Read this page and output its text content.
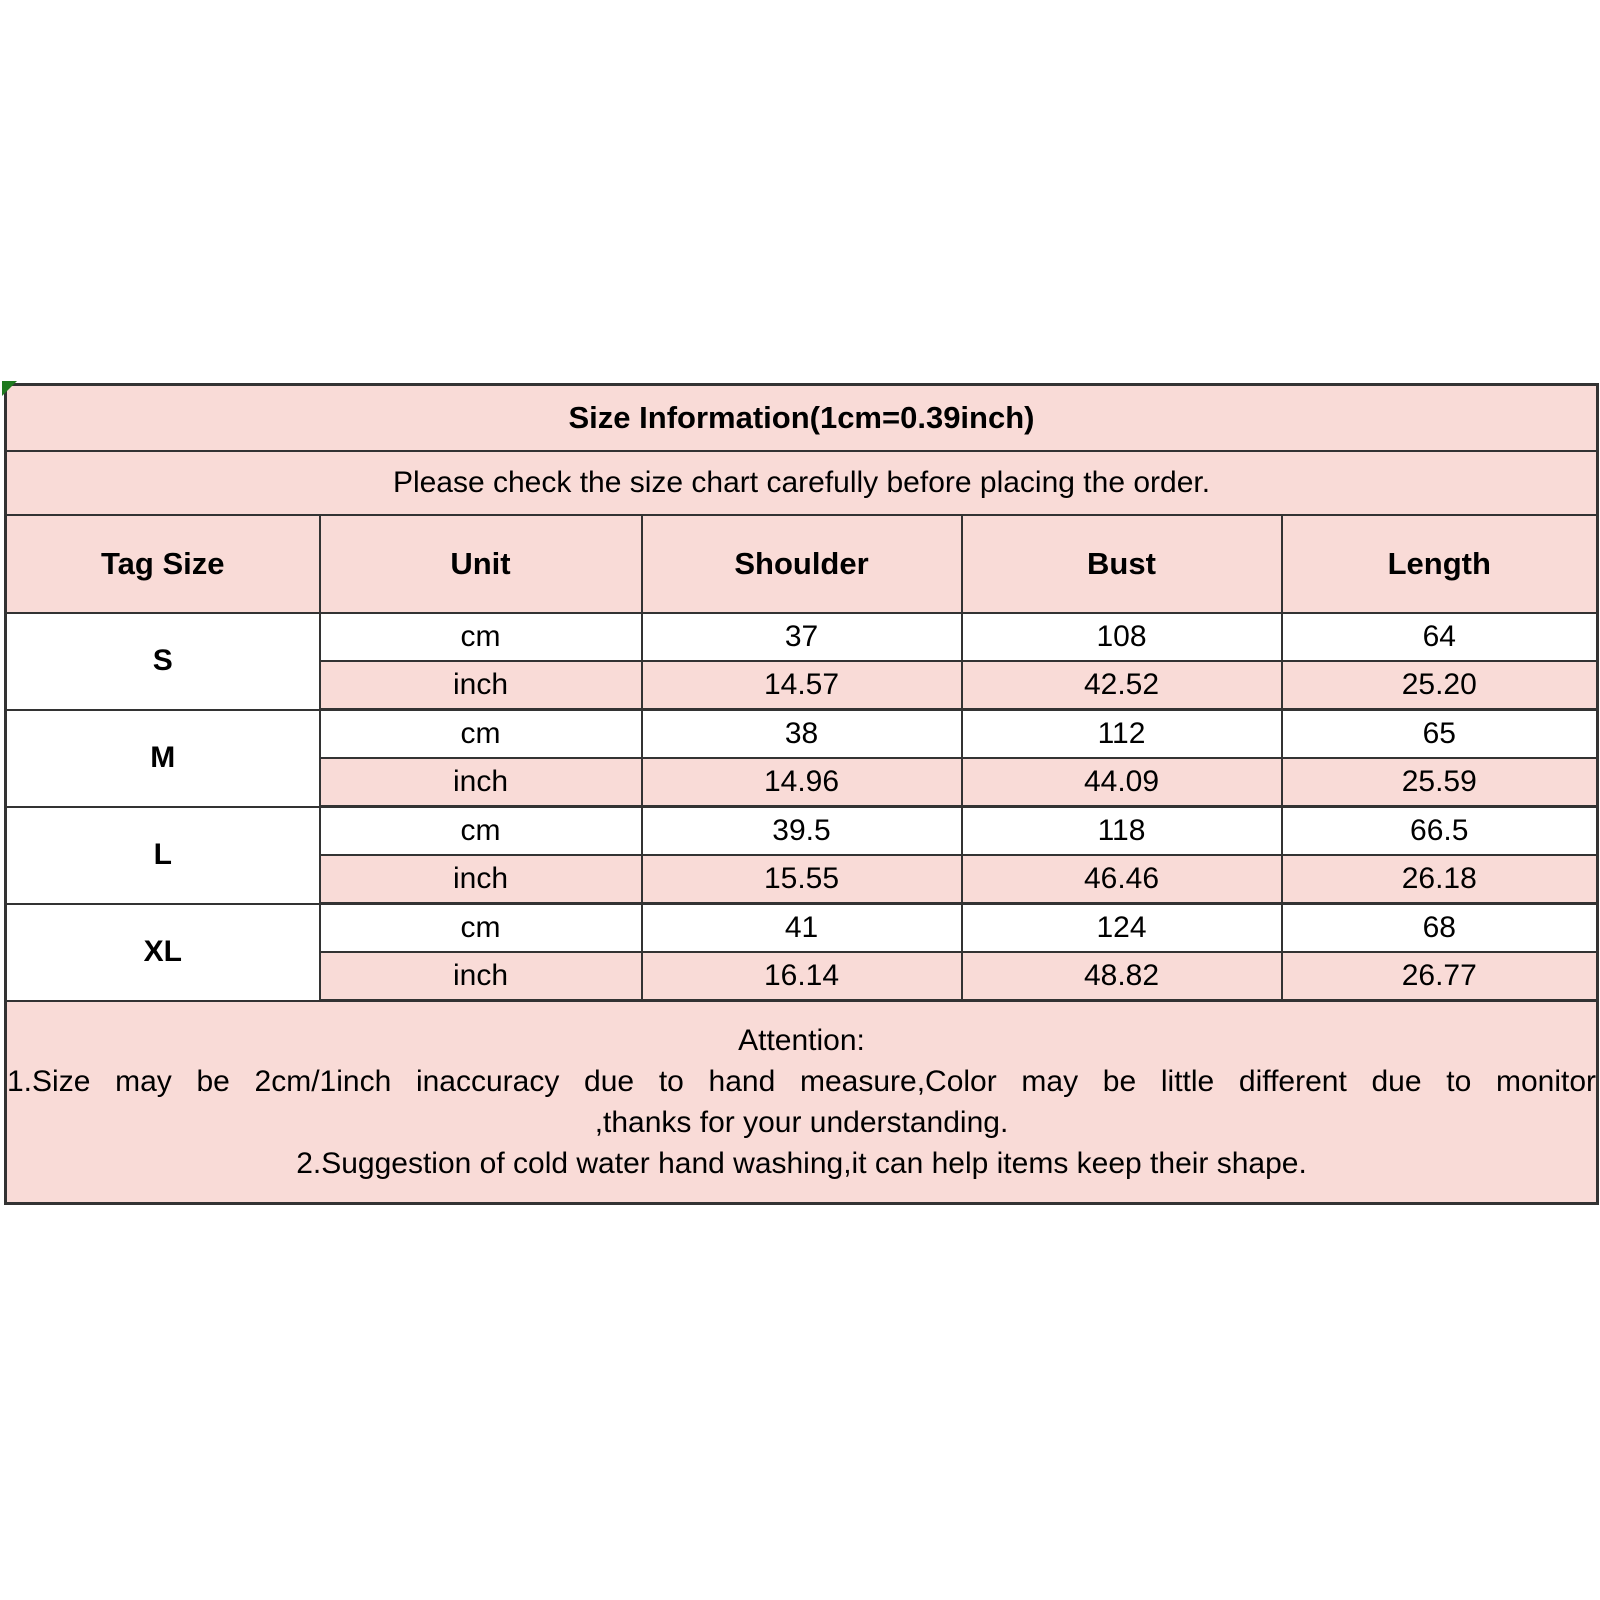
Size Information(1cm=0.39inch)				
Please check the size chart carefully before placing the order.				
Tag Size	Unit	Shoulder	Bust	Length
S	cm	37	108	64
	inch	14.57	42.52	25.20
M	cm	38	112	65
	inch	14.96	44.09	25.59
L	cm	39.5	118	66.5
	inch	15.55	46.46	26.18
XL	cm	41	124	68
	inch	16.14	48.82	26.77

Attention:
1.Size may be 2cm/1inch inaccuracy due to hand measure,Color may be little different due to monitor
,thanks for your understanding.
2.Suggestion of cold water hand washing,it can help items keep their shape.				
